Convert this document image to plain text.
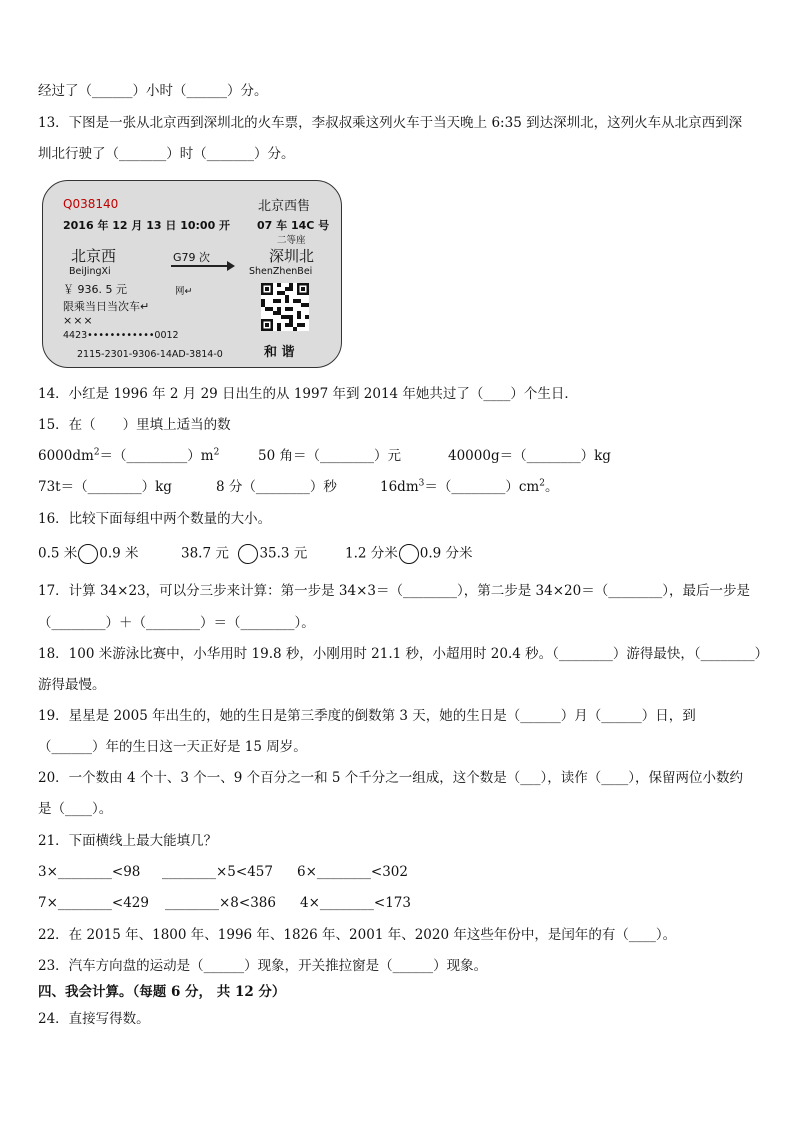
经过了（______）小时（______）分。
13．下图是一张从北京西到深圳北的火车票，李叔叔乘这列火车于当天晚上 6:35 到达深圳北，这列火车从北京西到深
圳北行驶了（_______）时（_______）分。
Q038140	北京西售
2016 年 12 月 13 日 10:00 开 07 车 14C 号
二等座
北京西	G79 次	深圳北
BeiJingXi	ShenZhenBei
￥ 936. 5 元	网↵
限乘当日当次车↵
×××
4423••••••••••••0012
2115-2301-9306-14AD-3814-0	和 谐
14．小红是 1996 年 2 月 29 日出生的从 1997 年到 2014 年她共过了（____）个生日．
15．在（　　）里填上适当的数
$6000dm^2=(\_\_\_\_\_\_\_\_\_)m^2$	50 角＝（________）元	40000g＝（________）kg
73t＝（________）kg	8 分（________）秒	$16dm^3=(\_\_\_\_\_\_\_\_)cm^2$。
16．比较下面每组中两个数量的大小。
0.5 米 0.9 米	38.7 元 35.3 元	1.2 分米 0.9 分米
17．计算 34×23，可以分三步来计算：第一步是 34×3＝（________），第二步是 34×20＝（________），最后一步是
（________）＋（________）＝（________）。
18．100 米游泳比赛中，小华用时 19.8 秒，小刚用时 21.1 秒，小超用时 20.4 秒。（________）游得最快，（________）
游得最慢。
19．星星是 2005 年出生的，她的生日是第三季度的倒数第 3 天，她的生日是（______）月（______）日，到
（______）年的生日这一天正好是 15 周岁。
20．一个数由 4 个十、3 个一、9 个百分之一和 5 个千分之一组成，这个数是（___），读作（____），保留两位小数约
是（____）。
21．下面横线上最大能填几？
3×________<98 ________×5<457 6×________<302
7×________<429 ________×8<386 4×________<173
22．在 2015 年、1800 年、1996 年、1826 年、2001 年、2020 年这些年份中，是闰年的有（____）。
23．汽车方向盘的运动是（______）现象，开关推拉窗是（______）现象。
四、我会计算。（每题 6 分， 共 12 分）
24．直接写得数。
